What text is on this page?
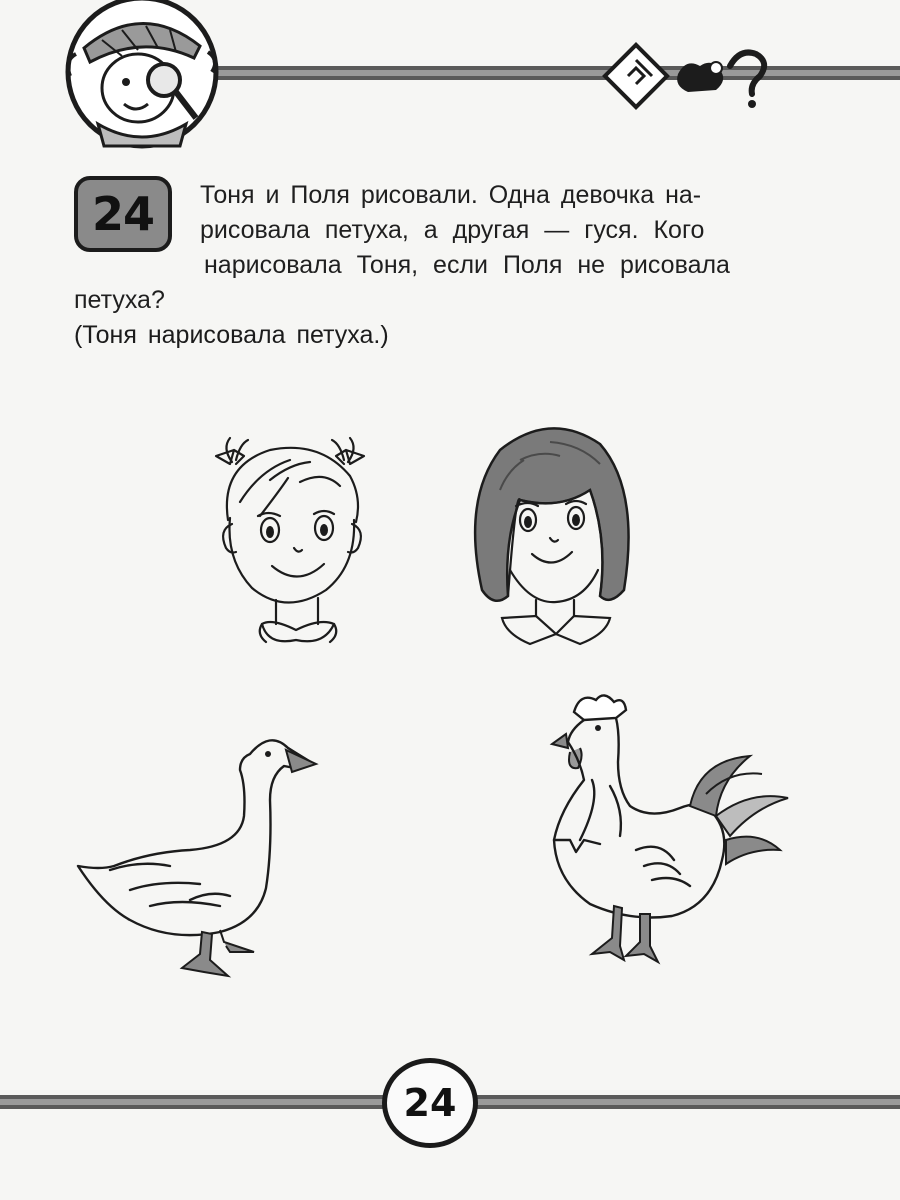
24 Тоня и Поля рисовали. Одна девочка на-
рисовала петуха, а другая — гуся. Кого
нарисовала Тоня, если Поля не рисовала
петуха?
(Тоня нарисовала петуха.)
24
